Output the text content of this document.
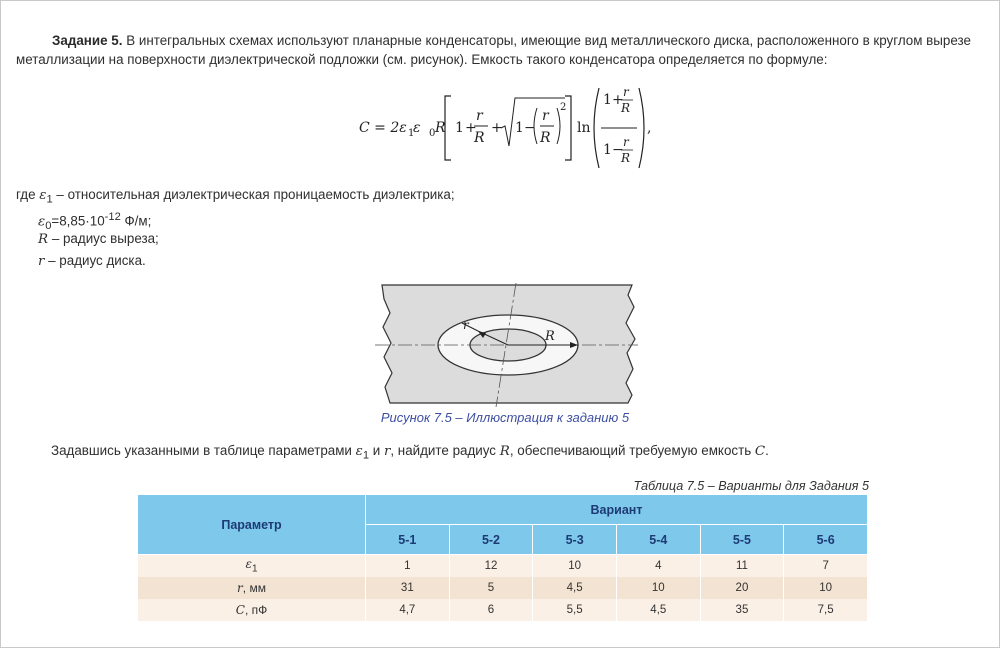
Задание 5. В интегральных схемах используют планарные конденсаторы, имеющие вид металлического диска, расположенного в круглом вырезе металлизации на поверхности диэлектрической подложки (см. рисунок). Емкость такого конденсатора определяется по формуле:
C = 2ε 1
ε 0 R 1 +
r
R
+ 1 −
r
R
2
ln
1 + r
R
1 − r
R
,
где $\varepsilon_1$ – относительная диэлектрическая проницаемость диэлектрика;
$\varepsilon_0=8,85\cdot 10^{-12}$ Ф/м;
R – радиус выреза;
r – радиус диска.
r
R
Рисунок 7.5 – Иллюстрация к заданию 5
Задавшись указанными в таблице параметрами $\varepsilon_1$ и r, найдите радиус R, обеспечивающий требуемую емкость C.
Таблица 7.5 – Варианты для Задания 5
Параметр	Вариант					
	5-1	5-2	5-3	5-4	5-5	5-6
$\varepsilon_1$	1	12	10	4	11	7
r, мм	31	5	4,5	10	20	10
C, пФ	4,7	6	5,5	4,5	35	7,5
